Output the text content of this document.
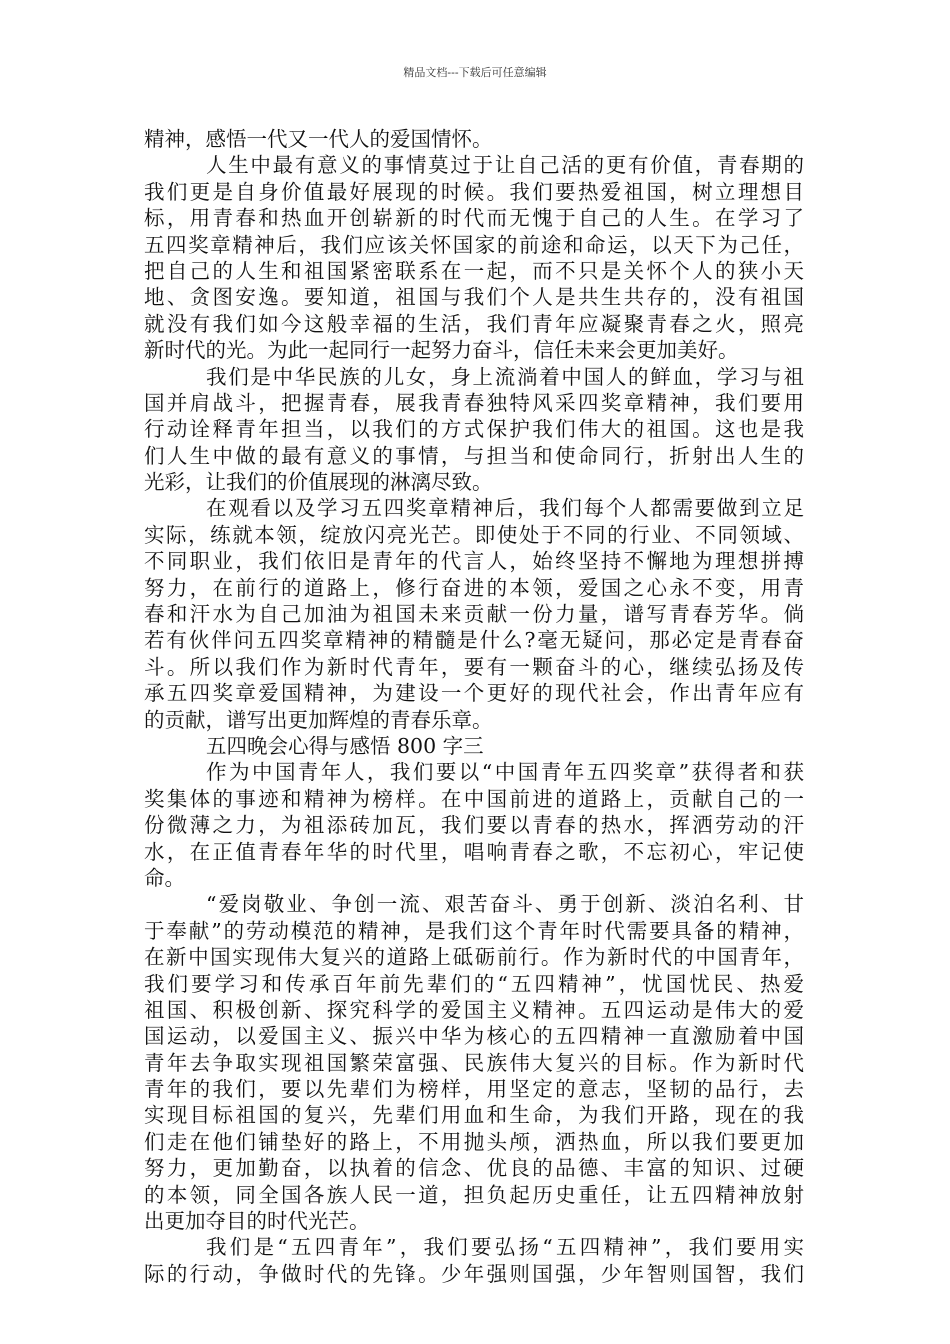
精品文档---下载后可任意编辑
精神，感悟一代又一代人的爱国情怀。
人生中最有意义的事情莫过于让自己活的更有价值，青春期的
我们更是自身价值最好展现的时候。我们要热爱祖国，树立理想目
标，用青春和热血开创崭新的时代而无愧于自己的人生。在学习了
五四奖章精神后，我们应该关怀国家的前途和命运，以天下为己任，
把自己的人生和祖国紧密联系在一起，而不只是关怀个人的狭小天
地、贪图安逸。要知道，祖国与我们个人是共生共存的，没有祖国
就没有我们如今这般幸福的生活，我们青年应凝聚青春之火，照亮
新时代的光。为此一起同行一起努力奋斗，信任未来会更加美好。
我们是中华民族的儿女，身上流淌着中国人的鲜血，学习与祖
国并肩战斗，把握青春，展我青春独特风采四奖章精神，我们要用
行动诠释青年担当，以我们的方式保护我们伟大的祖国。这也是我
们人生中做的最有意义的事情，与担当和使命同行，折射出人生的
光彩，让我们的价值展现的淋漓尽致。
在观看以及学习五四奖章精神后，我们每个人都需要做到立足
实际，练就本领，绽放闪亮光芒。即使处于不同的行业、不同领域、
不同职业，我们依旧是青年的代言人，始终坚持不懈地为理想拼搏
努力，在前行的道路上，修行奋进的本领，爱国之心永不变，用青
春和汗水为自己加油为祖国未来贡献一份力量，谱写青春芳华。倘
若有伙伴问五四奖章精神的精髓是什么?毫无疑问，那必定是青春奋
斗。所以我们作为新时代青年，要有一颗奋斗的心，继续弘扬及传
承五四奖章爱国精神，为建设一个更好的现代社会，作出青年应有
的贡献，谱写出更加辉煌的青春乐章。
五四晚会心得与感悟 800 字三
作为中国青年人，我们要以“中国青年五四奖章”获得者和获
奖集体的事迹和精神为榜样。在中国前进的道路上，贡献自己的一
份微薄之力，为祖添砖加瓦，我们要以青春的热水，挥洒劳动的汗
水，在正值青春年华的时代里，唱响青春之歌，不忘初心，牢记使
命。
“爱岗敬业、争创一流、艰苦奋斗、勇于创新、淡泊名利、甘
于奉献”的劳动模范的精神，是我们这个青年时代需要具备的精神，
在新中国实现伟大复兴的道路上砥砺前行。作为新时代的中国青年，
我们要学习和传承百年前先辈们的“五四精神”，忧国忧民、热爱
祖国、积极创新、探究科学的爱国主义精神。五四运动是伟大的爱
国运动，以爱国主义、振兴中华为核心的五四精神一直激励着中国
青年去争取实现祖国繁荣富强、民族伟大复兴的目标。作为新时代
青年的我们，要以先辈们为榜样，用坚定的意志，坚韧的品行，去
实现目标祖国的复兴，先辈们用血和生命，为我们开路，现在的我
们走在他们铺垫好的路上，不用抛头颅，洒热血，所以我们要更加
努力，更加勤奋，以执着的信念、优良的品德、丰富的知识、过硬
的本领，同全国各族人民一道，担负起历史重任，让五四精神放射
出更加夺目的时代光芒。
我们是“五四青年”，我们要弘扬“五四精神”，我们要用实
际的行动，争做时代的先锋。少年强则国强，少年智则国智，我们
